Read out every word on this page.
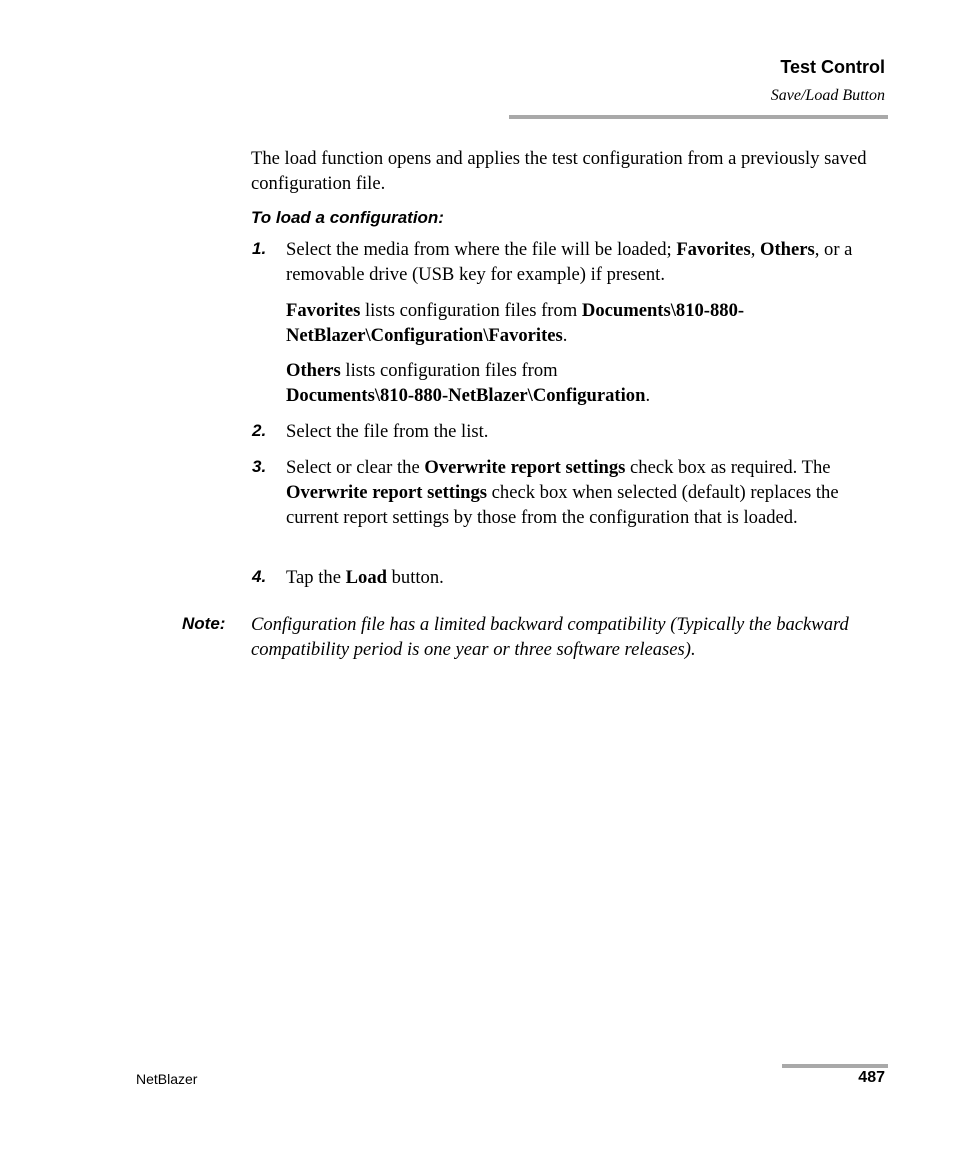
Test Control
Save/Load Button
The load function opens and applies the test configuration from a previously saved configuration file.
To load a configuration:
1. Select the media from where the file will be loaded; Favorites, Others, or a removable drive (USB key for example) if present.
Favorites lists configuration files from Documents\810-880-NetBlazer\Configuration\Favorites.
Others lists configuration files from
Documents\810-880-NetBlazer\Configuration.
2. Select the file from the list.
3. Select or clear the Overwrite report settings check box as required. The Overwrite report settings check box when selected (default) replaces the current report settings by those from the configuration that is loaded.
4. Tap the Load button.
Note: Configuration file has a limited backward compatibility (Typically the backward compatibility period is one year or three software releases).
NetBlazer	487
